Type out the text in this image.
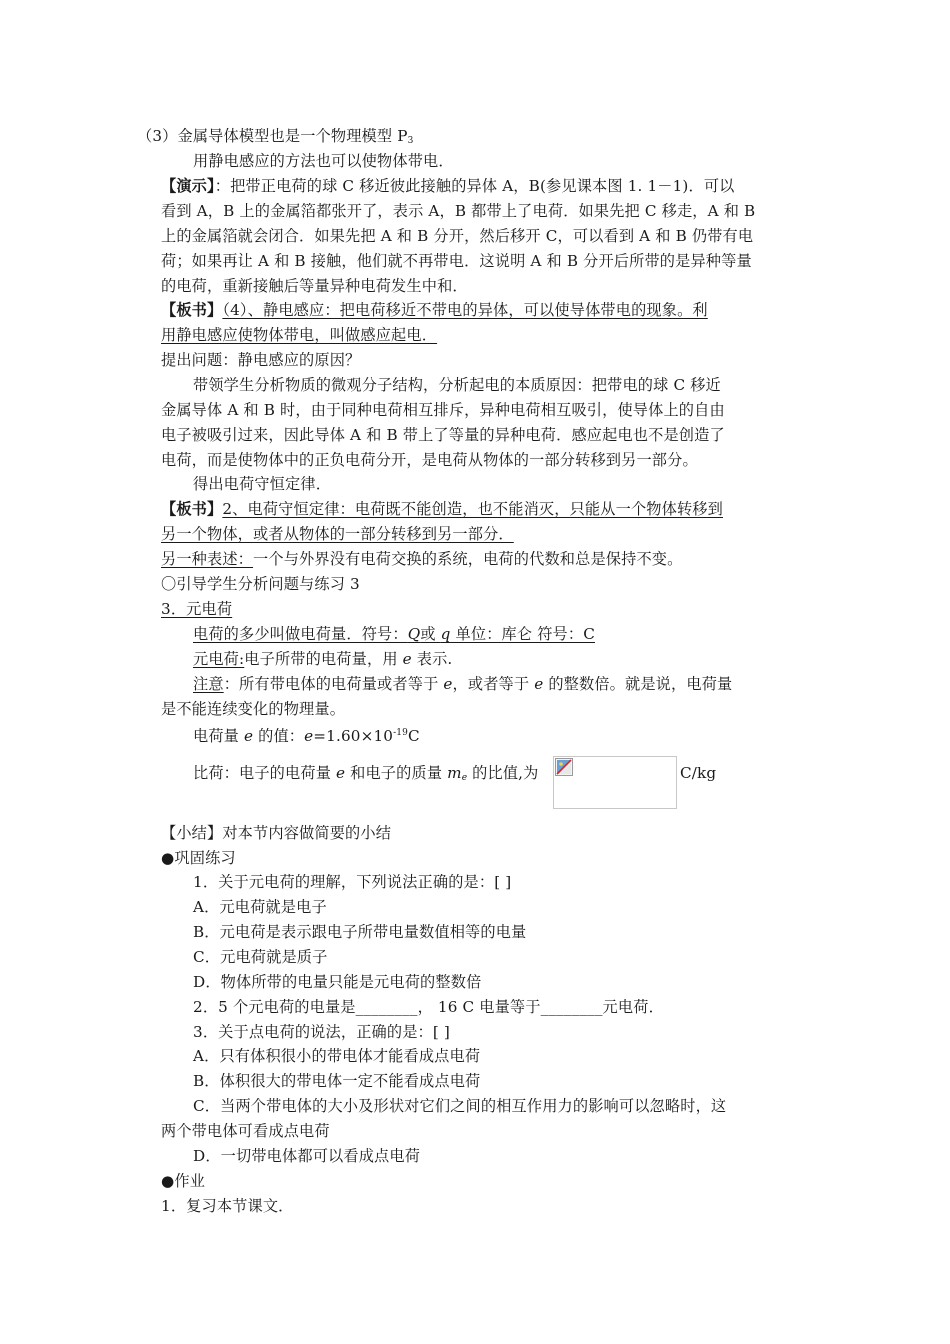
（3）金属导体模型也是一个物理模型 $P_3$
用静电感应的方法也可以使物体带电．
【演示】：把带正电荷的球 C 移近彼此接触的异体 A，B(参见课本图 1. 1－1)．可以
看到 A，B 上的金属箔都张开了，表示 A，B 都带上了电荷．如果先把 C 移走，A 和 B
上的金属箔就会闭合．如果先把 A 和 B 分开，然后移开 C，可以看到 A 和 B 仍带有电
荷；如果再让 A 和 B 接触，他们就不再带电．这说明 A 和 B 分开后所带的是异种等量
的电荷，重新接触后等量异种电荷发生中和．
【板书】（4）、静电感应：把电荷移近不带电的异体，可以使导体带电的现象。利
用静电感应使物体带电，叫做感应起电．
提出问题：静电感应的原因？
带领学生分析物质的微观分子结构，分析起电的本质原因：把带电的球 C 移近
金属导体 A 和 B 时，由于同种电荷相互排斥，异种电荷相互吸引，使导体上的自由
电子被吸引过来，因此导体 A 和 B 带上了等量的异种电荷．感应起电也不是创造了
电荷，而是使物体中的正负电荷分开，是电荷从物体的一部分转移到另一部分。
得出电荷守恒定律．
【板书】2、电荷守恒定律：电荷既不能创造，也不能消灭，只能从一个物体转移到
另一个物体，或者从物体的一部分转移到另一部分．
另一种表述：一个与外界没有电荷交换的系统，电荷的代数和总是保持不变。
〇引导学生分析问题与练习 3
3．元电荷
电荷的多少叫做电荷量．符号：Q或 q 单位：库仑 符号：C
元电荷:电子所带的电荷量，用 e 表示.
注意：所有带电体的电荷量或者等于 e，或者等于 e 的整数倍。就是说，电荷量
是不能连续变化的物理量。
电荷量 e 的值：$e=1.60\times 10^{-19}C$
比荷：电子的电荷量 e 和电子的质量 $m_e$ 的比值,为	C/kg
【小结】对本节内容做简要的小结
●巩固练习
1．关于元电荷的理解，下列说法正确的是：[ ]
A．元电荷就是电子
B．元电荷是表示跟电子所带电量数值相等的电量
C．元电荷就是质子
D．物体所带的电量只能是元电荷的整数倍
2．5 个元电荷的电量是________， 16 C 电量等于________元电荷．
3．关于点电荷的说法，正确的是：[ ]
A．只有体积很小的带电体才能看成点电荷
B．体积很大的带电体一定不能看成点电荷
C．当两个带电体的大小及形状对它们之间的相互作用力的影响可以忽略时，这
两个带电体可看成点电荷
D．一切带电体都可以看成点电荷
●作业
1．复习本节课文．
